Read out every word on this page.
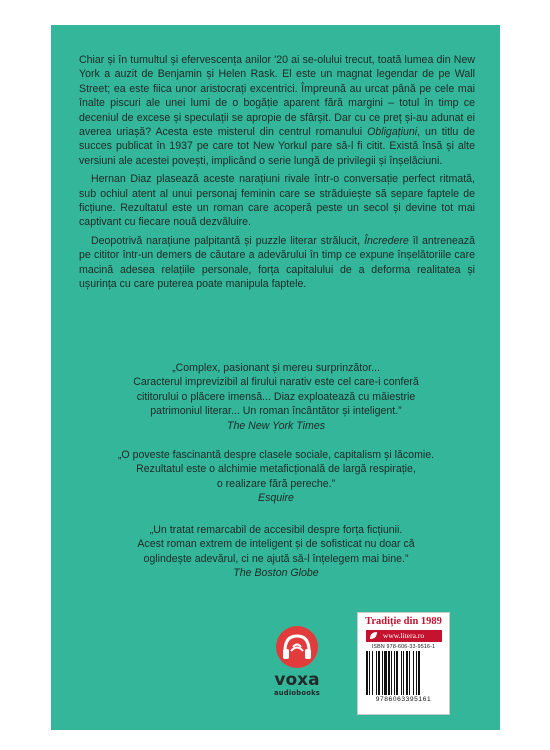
Chiar și în tumultul și efervescența anilor '20 ai se-olului trecut, toată lumea din New York a auzit de Benjamin și Helen Rask. El este un magnat legendar de pe Wall Street; ea este fiica unor aristocrați excentrici. Împreună au urcat până pe cele mai înalte piscuri ale unei lumi de o bogăție aparent fără margini – totul în timp ce deceniul de excese și speculații se apropie de sfârșit. Dar cu ce preț și-au adunat ei averea uriașă? Acesta este misterul din centrul romanului Obligațiuni, un titlu de succes publicat în 1937 pe care tot New Yorkul pare să-l fi citit. Există însă și alte versiuni ale acestei povești, implicând o serie lungă de privilegii și înșelăciuni.

Hernan Diaz plasează aceste narațiuni rivale într-o conversație perfect ritmată, sub ochiul atent al unui personaj feminin care se străduiește să separe faptele de ficțiune. Rezultatul este un roman care acoperă peste un secol și devine tot mai captivant cu fiecare nouă dezvăluire.

Deopotrivă narațiune palpitantă și puzzle literar strălucit, Încredere îl antrenează pe cititor într-un demers de căutare a adevărului în timp ce expune înșelătoriile care macină adesea relațiile personale, forța capitalului de a deforma realitatea și ușurința cu care puterea poate manipula faptele.

„Complex, pasionant și mereu surprinzător...
Caracterul imprevizibil al firului narativ este cel care-i conferă
cititorului o plăcere imensă... Diaz exploatează cu măiestrie
patrimoniul literar... Un roman încântător și inteligent.”
The New York Times
„O poveste fascinantă despre clasele sociale, capitalism și lăcomie.
Rezultatul este o alchimie metaficțională de largă respirație,
o realizare fără pereche.”
Esquire
„Un tratat remarcabil de accesibil despre forța ficțiunii.
Acest roman extrem de inteligent și de sofisticat nu doar că
oglindește adevărul, ci ne ajută să-l înțelegem mai bine.”
The Boston Globe
voxa
audiobooks
Tradiție din 1989
www.litera.ro
ISBN 978-606-33-9516-1
9786063395161
